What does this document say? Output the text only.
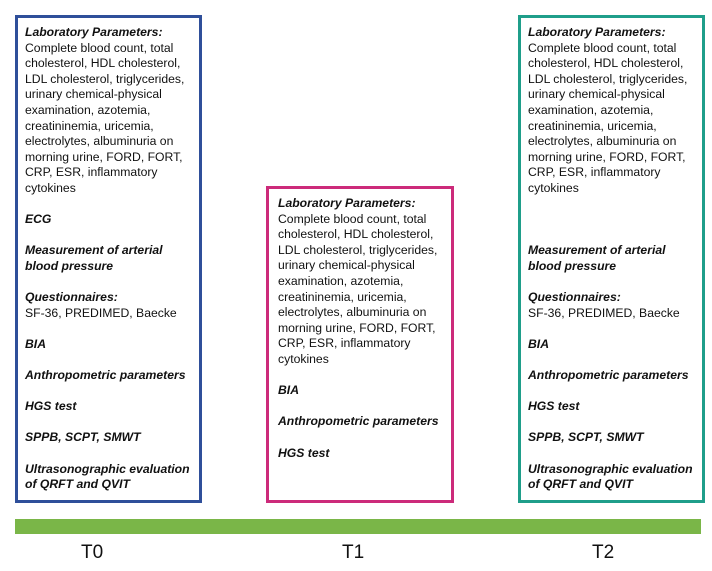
Laboratory Parameters:
Complete blood count, total cholesterol, HDL cholesterol, LDL cholesterol, triglycerides, urinary chemical-physical examination, azotemia, creatininemia, uricemia, electrolytes, albuminuria on morning urine, FORD, FORT, CRP, ESR, inflammatory cytokines
ECG
Measurement of arterial blood pressure
Questionnaires:
SF-36, PREDIMED, Baecke
BIA
Anthropometric parameters
HGS test
SPPB, SCPT, SMWT
Ultrasonographic evaluation of QRFT and QVIT
Laboratory Parameters:
Complete blood count, total cholesterol, HDL cholesterol, LDL cholesterol, triglycerides, urinary chemical-physical examination, azotemia, creatininemia, uricemia, electrolytes, albuminuria on morning urine, FORD, FORT, CRP, ESR, inflammatory cytokines
BIA
Anthropometric parameters
HGS test
Laboratory Parameters:
Complete blood count, total cholesterol, HDL cholesterol, LDL cholesterol, triglycerides, urinary chemical-physical examination, azotemia, creatininemia, uricemia, electrolytes, albuminuria on morning urine, FORD, FORT, CRP, ESR, inflammatory cytokines
Measurement of arterial blood pressure
Questionnaires:
SF-36, PREDIMED, Baecke
BIA
Anthropometric parameters
HGS test
SPPB, SCPT, SMWT
Ultrasonographic evaluation of QRFT and QVIT
T0	T1	T2
